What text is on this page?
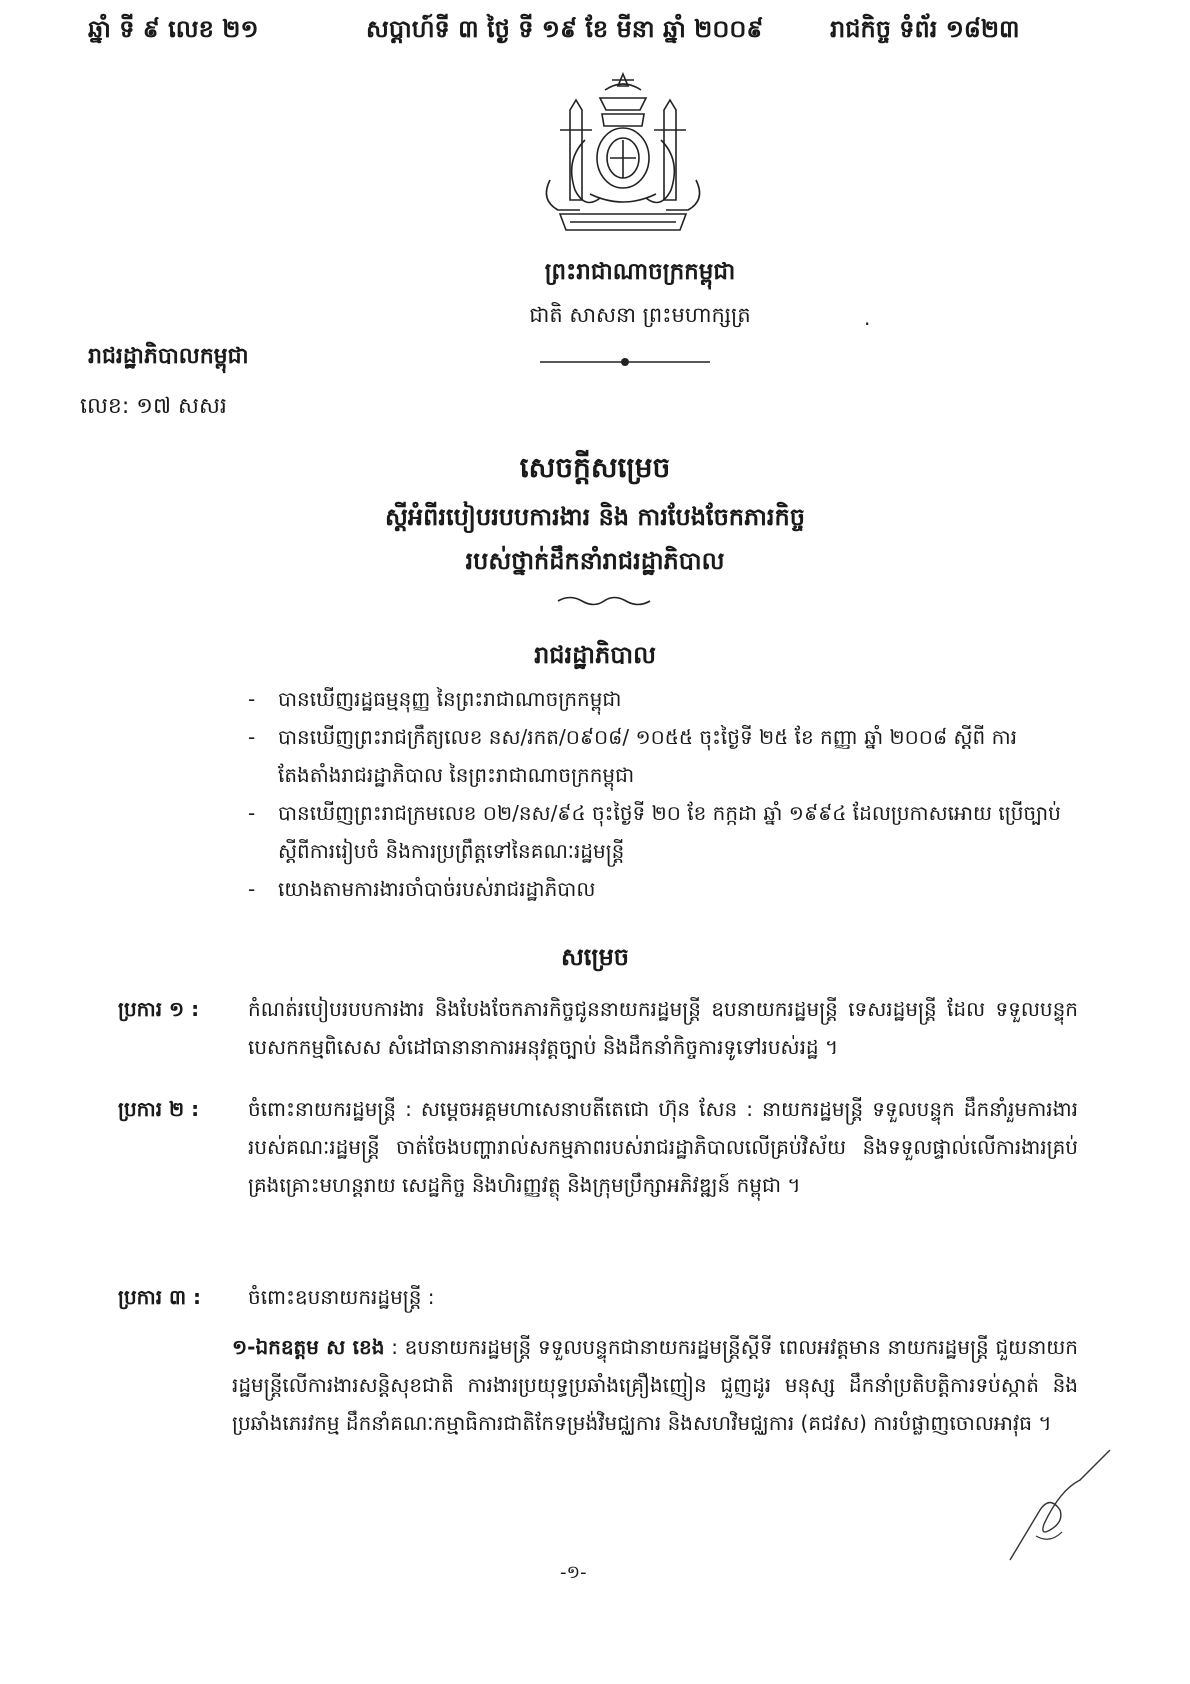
ឆ្នាំ ទី ៩ លេខ ២១	សប្ដាហ៍ទី ៣ ថ្ងៃ ទី ១៩ ខែ មីនា ឆ្នាំ ២០០៩	រាជកិច្ច ទំព័រ ១៨២៣
ព្រះរាជាណាចក្រកម្ពុជា
ជាតិ សាសនា ព្រះមហាក្សត្រ	.
រាជរដ្ឋាភិបាលកម្ពុជា
លេខ: ១៧ សសរ
សេចក្ដីសម្រេច
ស្ដីអំពីរបៀបរបបការងារ និង ការបែងចែកភារកិច្ច
របស់ថ្នាក់ដឹកនាំរាជរដ្ឋាភិបាល
រាជរដ្ឋាភិបាល

- បានឃើញរដ្ឋធម្មនុញ្ញ នៃព្រះរាជាណាចក្រកម្ពុជា

- បានឃើញព្រះរាជក្រឹត្យលេខ នស/រកត/០៩០៨/ ១០៥៥ ចុះថ្ងៃទី ២៥ ខែ កញ្ញា ឆ្នាំ ២០០៨ ស្ដីពី ការតែងតាំងរាជរដ្ឋាភិបាល នៃព្រះរាជាណាចក្រកម្ពុជា

- បានឃើញព្រះរាជក្រមលេខ ០២/នស/៩៤ ចុះថ្ងៃទី ២០ ខែ កក្កដា ឆ្នាំ ១៩៩៤ ដែលប្រកាសអោយ ប្រើច្បាប់ ស្ដីពីការរៀបចំ និងការប្រព្រឹត្តទៅនៃគណៈរដ្ឋមន្ត្រី

- យោងតាមការងារចាំបាច់របស់រាជរដ្ឋាភិបាល

សម្រេច
ប្រការ ១ : កំណត់របៀបរបបការងារ និងបែងចែកភារកិច្ចជូននាយករដ្ឋមន្ត្រី ឧបនាយករដ្ឋមន្ត្រី ទេសរដ្ឋមន្ត្រី ដែល ទទួលបន្ទុកបេសកកម្មពិសេស សំដៅធានានាការអនុវត្តច្បាប់ និងដឹកនាំកិច្ចការទូទៅរបស់រដ្ឋ ។
ប្រការ ២ : ចំពោះនាយករដ្ឋមន្ត្រី : សម្ដេចអគ្គមហាសេនាបតីតេជោ ហ៊ុន សែន : នាយករដ្ឋមន្ត្រី ទទួលបន្ទុក ដឹកនាំរួមការងាររបស់គណៈរដ្ឋមន្ត្រី ចាត់ចែងបញ្ហារាល់សកម្មភាពរបស់រាជរដ្ឋាភិបាលលើគ្រប់វិស័យ និងទទួលផ្ទាល់លើការងារគ្រប់គ្រងគ្រោះមហន្តរាយ សេដ្ឋកិច្ច និងហិរញ្ញវត្ថុ និងក្រុមប្រឹក្សាអភិវឌ្ឍន៍ កម្ពុជា ។
ប្រការ ៣ : ចំពោះឧបនាយករដ្ឋមន្ត្រី :
១-ឯកឧត្ដម ស ខេង : ឧបនាយករដ្ឋមន្ត្រី ទទួលបន្ទុកជានាយករដ្ឋមន្ត្រីស្ដីទី ពេលអវត្តមាន នាយករដ្ឋមន្ត្រី ជួយនាយករដ្ឋមន្ត្រីលើការងារសន្តិសុខជាតិ ការងារប្រយុទ្ធប្រឆាំងគ្រឿងញៀន ជួញដូរ មនុស្ស ដឹកនាំប្រតិបត្តិការទប់ស្កាត់ និងប្រឆាំងភេរវកម្ម ដឹកនាំគណៈកម្មាធិការជាតិកែទម្រង់វិមជ្ឈការ និងសហវិមជ្ឈការ (គជវស) ការបំផ្លាញចោលអាវុធ ។
-១-
